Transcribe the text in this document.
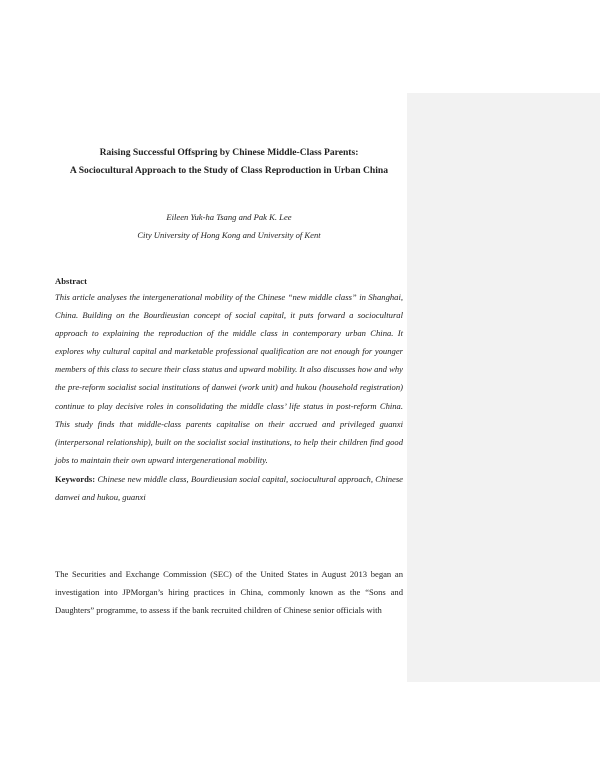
Raising Successful Offspring by Chinese Middle-Class Parents:
A Sociocultural Approach to the Study of Class Reproduction in Urban China
Eileen Yuk-ha Tsang and Pak K. Lee
City University of Hong Kong and University of Kent
Abstract
This article analyses the intergenerational mobility of the Chinese “new middle class” in Shanghai, China. Building on the Bourdieusian concept of social capital, it puts forward a sociocultural approach to explaining the reproduction of the middle class in contemporary urban China. It explores why cultural capital and marketable professional qualification are not enough for younger members of this class to secure their class status and upward mobility. It also discusses how and why the pre-reform socialist social institutions of danwei (work unit) and hukou (household registration) continue to play decisive roles in consolidating the middle class’ life status in post-reform China. This study finds that middle-class parents capitalise on their accrued and privileged guanxi (interpersonal relationship), built on the socialist social institutions, to help their children find good jobs to maintain their own upward intergenerational mobility.
Keywords: Chinese new middle class, Bourdieusian social capital, sociocultural approach, Chinese danwei and hukou, guanxi
The Securities and Exchange Commission (SEC) of the United States in August 2013 began an investigation into JPMorgan’s hiring practices in China, commonly known as the “Sons and Daughters” programme, to assess if the bank recruited children of Chinese senior officials with
